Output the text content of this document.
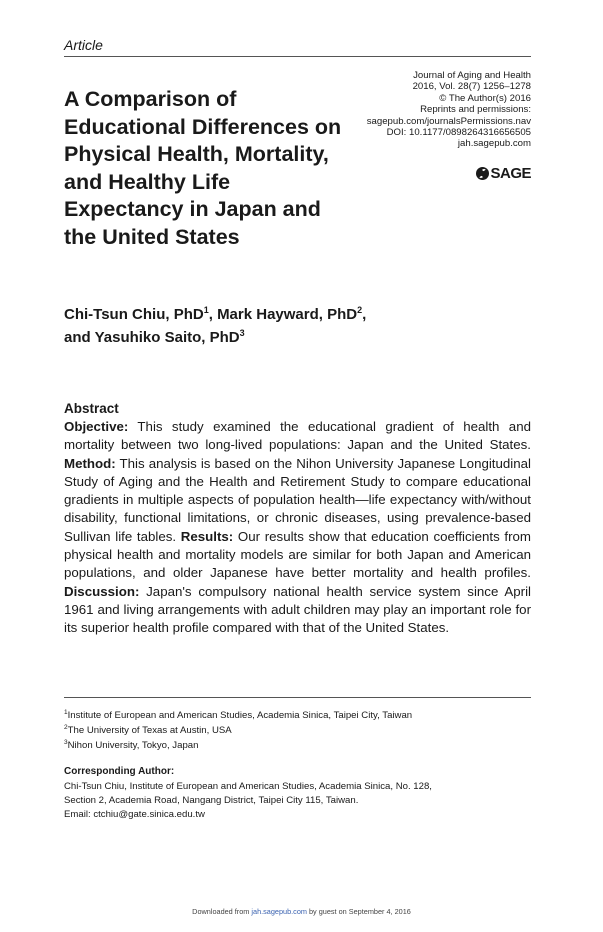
Article
A Comparison of Educational Differences on Physical Health, Mortality, and Healthy Life Expectancy in Japan and the United States
Journal of Aging and Health
2016, Vol. 28(7) 1256–1278
© The Author(s) 2016
Reprints and permissions:
sagepub.com/journalsPermissions.nav
DOI: 10.1177/0898264316656505
jah.sagepub.com
SAGE
Chi-Tsun Chiu, PhD$^1$, Mark Hayward, PhD$^2$,
and Yasuhiko Saito, PhD$^3$
Abstract
Objective: This study examined the educational gradient of health and mortality between two long-lived populations: Japan and the United States. Method: This analysis is based on the Nihon University Japanese Longitudinal Study of Aging and the Health and Retirement Study to compare educational gradients in multiple aspects of population health—life expectancy with/without disability, functional limitations, or chronic diseases, using prevalence-based Sullivan life tables. Results: Our results show that education coefficients from physical health and mortality models are similar for both Japan and American populations, and older Japanese have better mortality and health profiles. Discussion: Japan's compulsory national health service system since April 1961 and living arrangements with adult children may play an important role for its superior health profile compared with that of the United States.
$^1$Institute of European and American Studies, Academia Sinica, Taipei City, Taiwan
$^2$The University of Texas at Austin, USA
$^3$Nihon University, Tokyo, Japan
Corresponding Author:
Chi-Tsun Chiu, Institute of European and American Studies, Academia Sinica, No. 128,
Section 2, Academia Road, Nangang District, Taipei City 115, Taiwan.
Email: ctchiu@gate.sinica.edu.tw
Downloaded from jah.sagepub.com by guest on September 4, 2016
